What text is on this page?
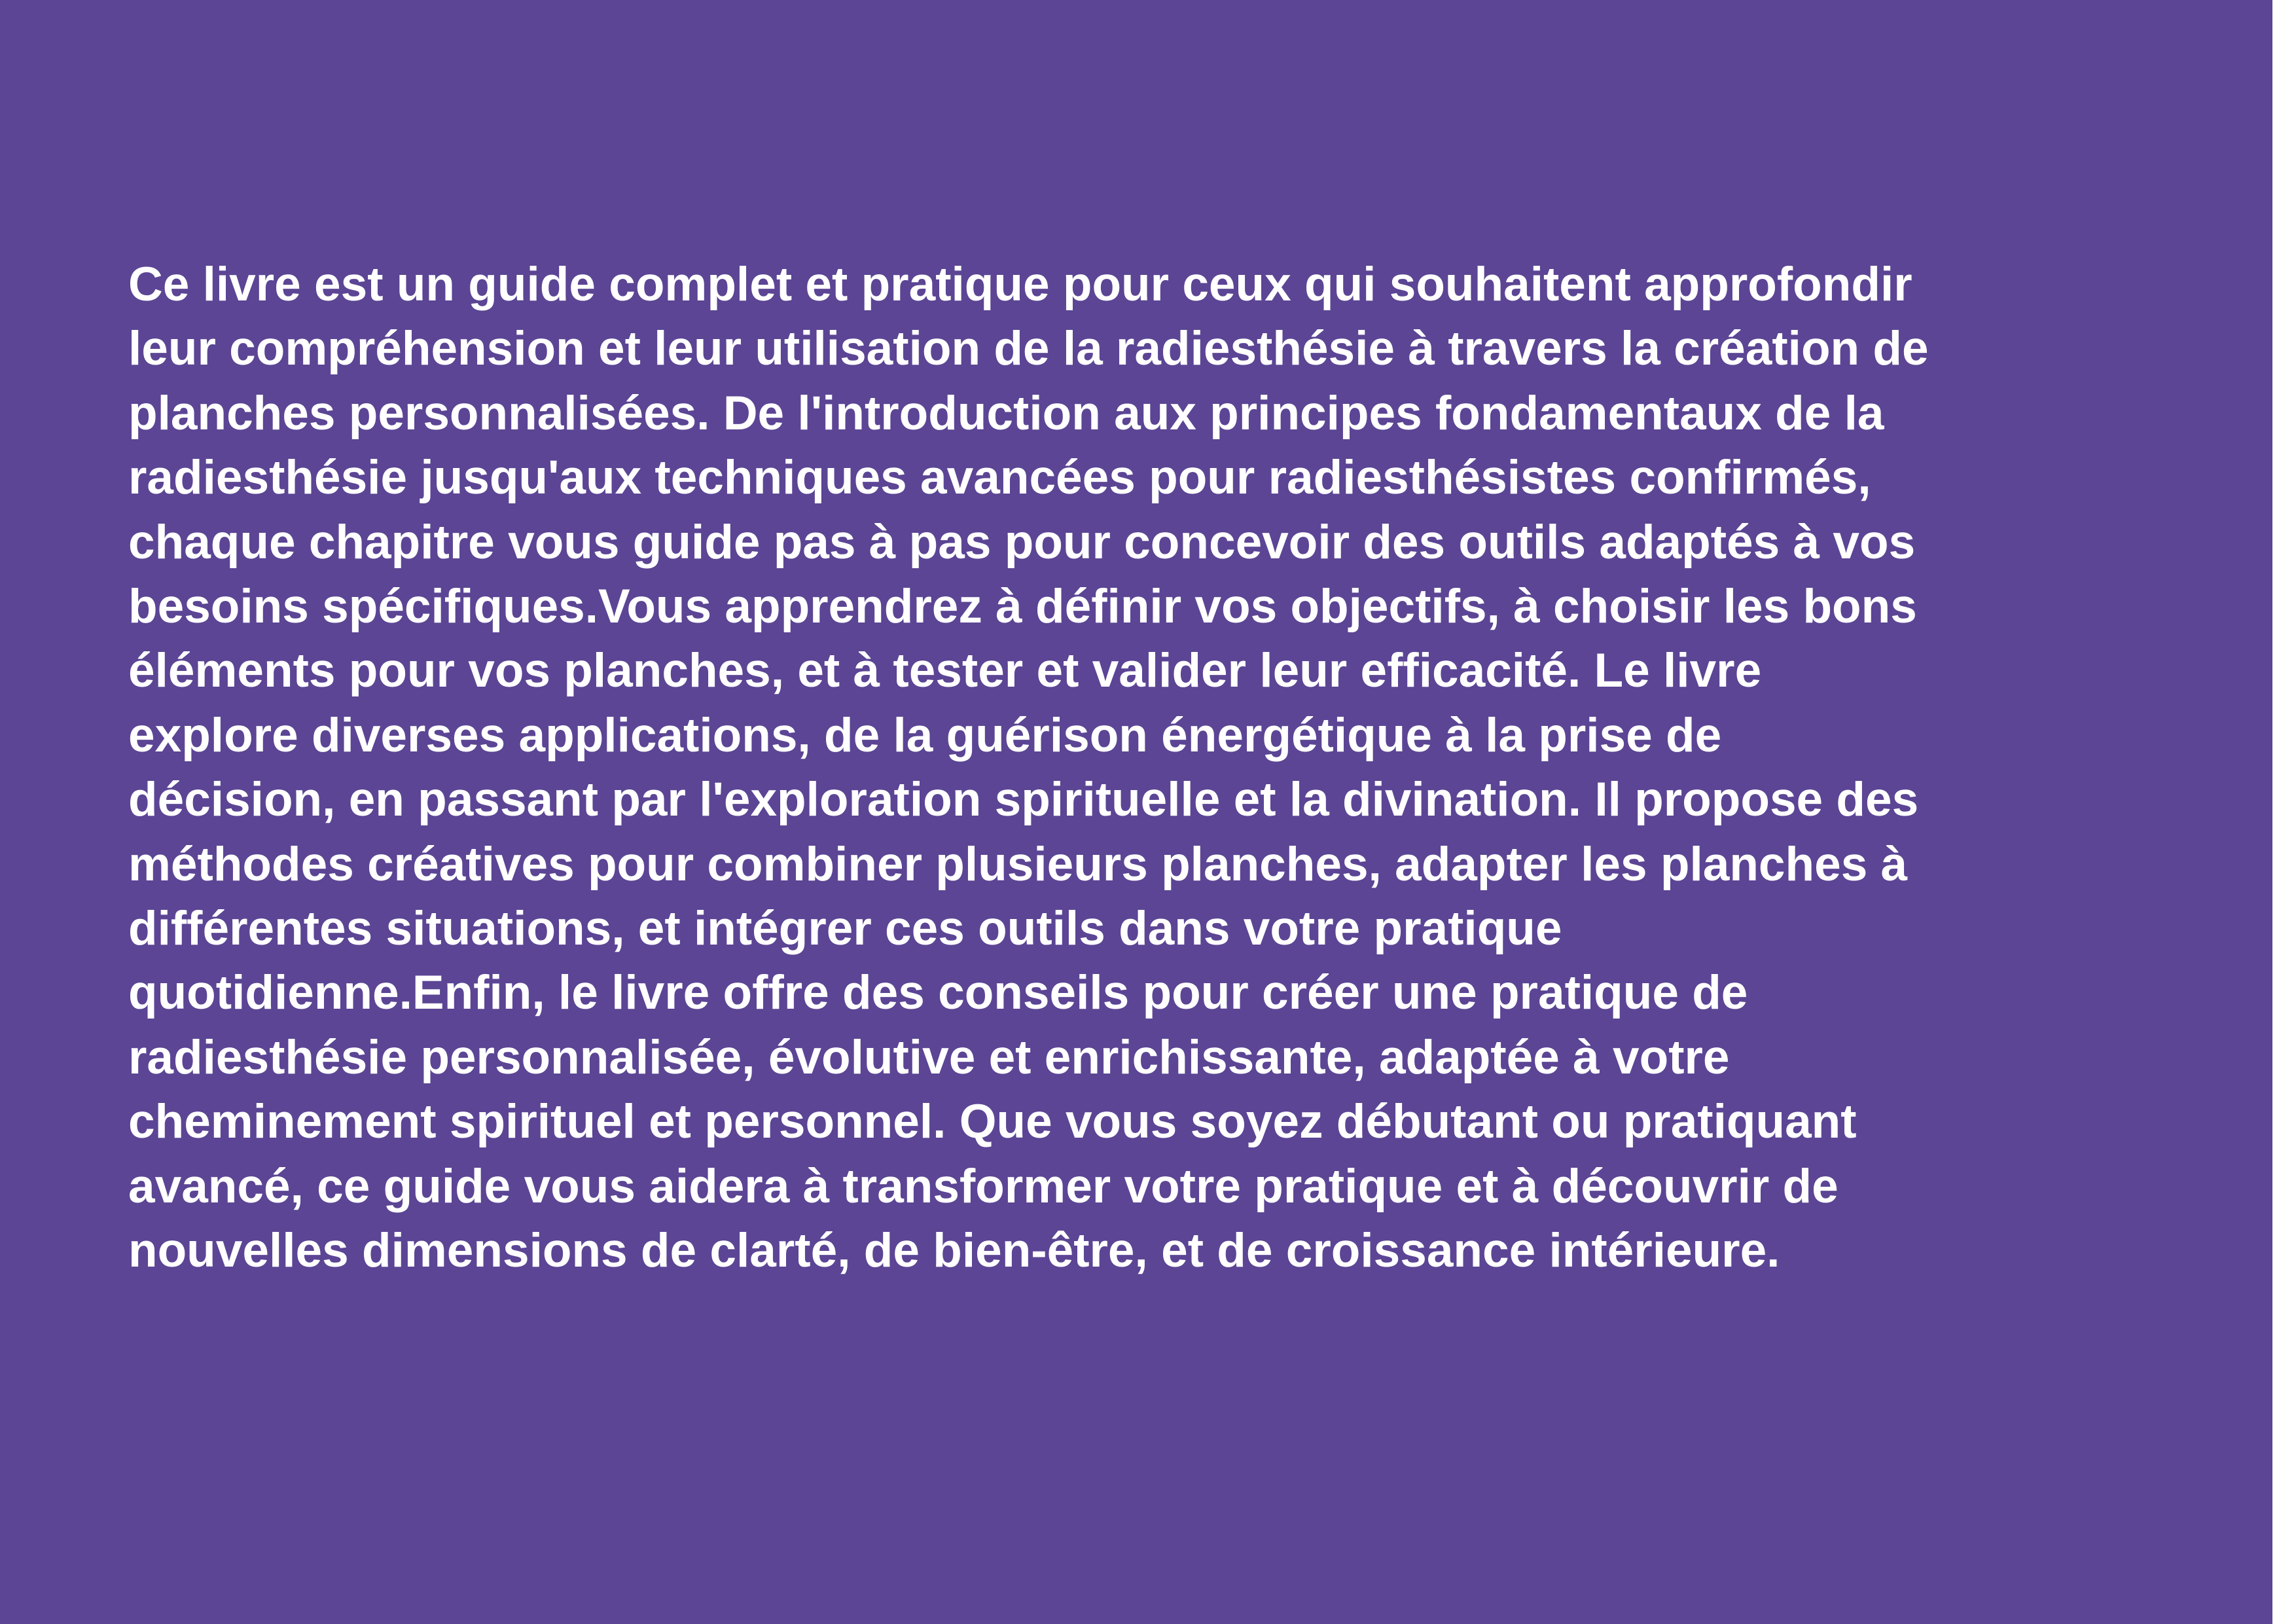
Ce livre est un guide complet et pratique pour ceux qui souhaitent approfondir
leur compréhension et leur utilisation de la radiesthésie à travers la création de
planches personnalisées. De l'introduction aux principes fondamentaux de la
radiesthésie jusqu'aux techniques avancées pour radiesthésistes confirmés,
chaque chapitre vous guide pas à pas pour concevoir des outils adaptés à vos
besoins spécifiques.Vous apprendrez à définir vos objectifs, à choisir les bons
éléments pour vos planches, et à tester et valider leur efficacité. Le livre
explore diverses applications, de la guérison énergétique à la prise de
décision, en passant par l'exploration spirituelle et la divination. Il propose des
méthodes créatives pour combiner plusieurs planches, adapter les planches à
différentes situations, et intégrer ces outils dans votre pratique
quotidienne.Enfin, le livre offre des conseils pour créer une pratique de
radiesthésie personnalisée, évolutive et enrichissante, adaptée à votre
cheminement spirituel et personnel. Que vous soyez débutant ou pratiquant
avancé, ce guide vous aidera à transformer votre pratique et à découvrir de
nouvelles dimensions de clarté, de bien-être, et de croissance intérieure.
